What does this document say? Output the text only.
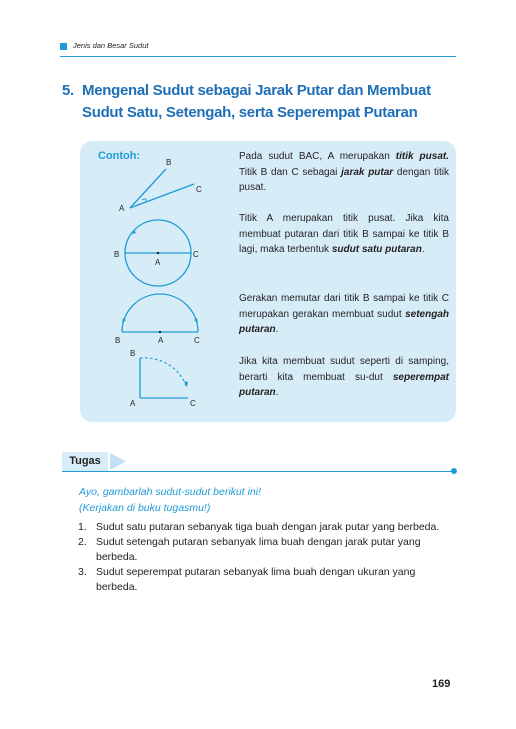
Jenis dan Besar Sudut
5. Mengenal Sudut sebagai Jarak Putar dan Membuat Sudut Satu, Setengah, serta Seperempat Putaran
Contoh:
B
C
A
B	C
A
B	A	C
B
A	C
Pada sudut BAC, A merupakan titik pusat. Titik B dan C sebagai jarak putar dengan titik pusat.
Titik A merupakan titik pusat. Jika kita membuat putaran dari titik B sampai ke titik B lagi, maka terbentuk sudut satu putaran.
Gerakan memutar dari titik B sampai ke titik C merupakan gerakan membuat sudut setengah putaran.
Jika kita membuat sudut seperti di samping, berarti kita membuat su-dut seperempat putaran.
Tugas
Ayo, gambarlah sudut-sudut berikut ini!
(Kerjakan di buku tugasmu!)
1. Sudut satu putaran sebanyak tiga buah dengan jarak putar yang berbeda.
2. Sudut setengah putaran sebanyak lima buah dengan jarak putar yang berbeda.
3. Sudut seperempat putaran sebanyak lima buah dengan ukuran yang berbeda.
169
